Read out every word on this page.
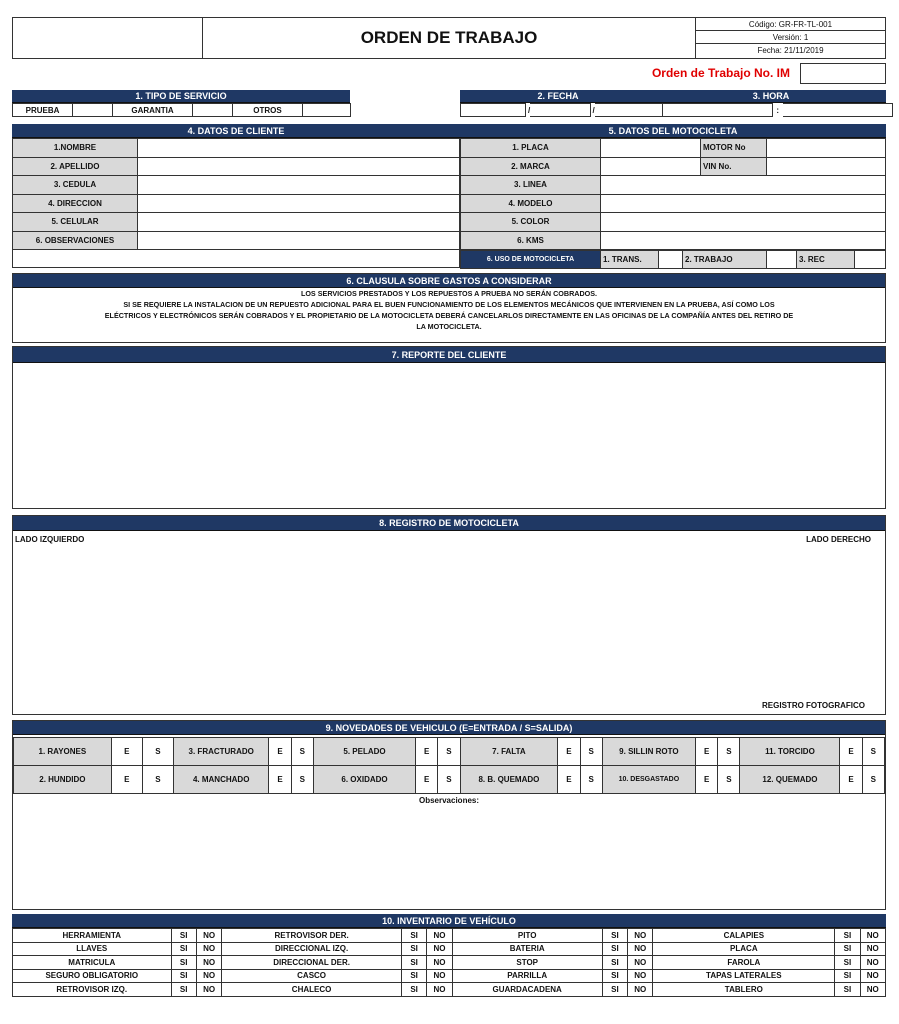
ORDEN DE TRABAJO
Código: GR-FR-TL-001
Versión: 1
Fecha: 21/11/2019
Orden de Trabajo No. IM
1. TIPO DE SERVICIO
PRUEBA		GARANTIA		OTROS	
2. FECHA	3. HORA
	/		/			:	
4. DATOS DE CLIENTE
1.NOMBRE	
2. APELLIDO	
3. CEDULA	
4. DIRECCION	
5. CELULAR	
6. OBSERVACIONES	

5. DATOS DEL MOTOCICLETA
1. PLACA		MOTOR No	
2. MARCA		VIN No.	
3. LINEA			
4. MODELO			
5. COLOR			
6. KMS			
6. USO DE MOTOCICLETA	1. TRANS.		2. TRABAJO		3. REC	
6. CLAUSULA SOBRE GASTOS A CONSIDERAR
LOS SERVICIOS PRESTADOS Y LOS REPUESTOS A PRUEBA NO SERÁN COBRADOS.
SI SE REQUIERE LA INSTALACION DE UN REPUESTO ADICIONAL PARA EL BUEN FUNCIONAMIENTO DE LOS ELEMENTOS MECÁNICOS QUE INTERVIENEN EN LA PRUEBA, ASÍ COMO LOS
ELÉCTRICOS Y ELECTRÓNICOS SERÁN COBRADOS Y EL PROPIETARIO DE LA MOTOCICLETA DEBERÁ CANCELARLOS DIRECTAMENTE EN LAS OFICINAS DE LA COMPAÑÍA ANTES DEL RETIRO DE
LA MOTOCICLETA.
7. REPORTE DEL CLIENTE
8. REGISTRO DE MOTOCICLETA
LADO IZQUIERDO	LADO DERECHO
REGISTRO FOTOGRAFICO
9. NOVEDADES DE VEHICULO (E=ENTRADA / S=SALIDA)
1. RAYONES	E	S	3. FRACTURADO	E	S	5. PELADO	E	S	7. FALTA	E	S	9. SILLIN ROTO	E	S	11. TORCIDO	E	S
2. HUNDIDO	E	S	4. MANCHADO	E	S	6. OXIDADO	E	S	8. B. QUEMADO	E	S	10. DESGASTADO	E	S	12. QUEMADO	E	S
Observaciones:
10. INVENTARIO DE VEHÍCULO
HERRAMIENTA	SI	NO	RETROVISOR DER.	SI	NO	PITO	SI	NO	CALAPIES	SI	NO
LLAVES	SI	NO	DIRECCIONAL IZQ.	SI	NO	BATERIA	SI	NO	PLACA	SI	NO
MATRICULA	SI	NO	DIRECCIONAL DER.	SI	NO	STOP	SI	NO	FAROLA	SI	NO
SEGURO OBLIGATORIO	SI	NO	CASCO	SI	NO	PARRILLA	SI	NO	TAPAS LATERALES	SI	NO
RETROVISOR IZQ.	SI	NO	CHALECO	SI	NO	GUARDACADENA	SI	NO	TABLERO	SI	NO
